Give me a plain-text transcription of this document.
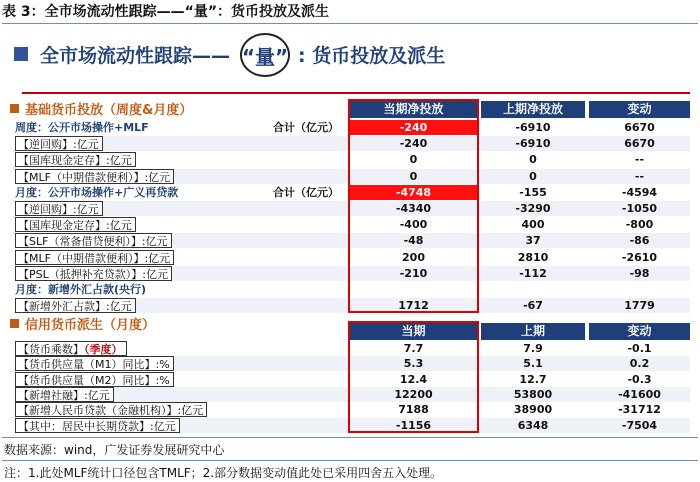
表 3：全市场流动性跟踪——“量”：货币投放及派生
全市场流动性跟踪—— “量” : 货币投放及派生
基础货币投放（周度&月度）	当期净投放	上期净投放	变动
周度：公开市场操作+MLF	合计（亿元）	-240	-6910	6670
【逆回购】:亿元	-240	-6910	6670
【国库现金定存】:亿元	0	0	--
【MLF（中期借款便利）】:亿元	0	0	--
月度：公开市场操作+广义再贷款	合计（亿元）	-4748	-155	-4594
【逆回购】:亿元	-4340	-3290	-1050
【国库现金定存】:亿元	-400	400	-800
【SLF（常备借贷便利）】:亿元	-48	37	-86
【MLF（中期借款便利）】:亿元	200	2810	-2610
【PSL（抵押补充贷款）】:亿元	-210	-112	-98
月度：新增外汇占款(央行)
【新增外汇占款】:亿元	1712	-67	1779
信用货币派生（月度）	当期	上期	变动
【货币乘数】（季度）	7.7	7.9	-0.1
【货币供应量（M1）同比】:%	5.3	5.1	0.2
【货币供应量（M2）同比】:%	12.4	12.7	-0.3
【新增社融】:亿元	12200	53800	-41600
【新增人民币贷款（金融机构）】:亿元	7188	38900	-31712
【其中：居民中长期贷款】:亿元	-1156	6348	-7504
数据来源：wind，广发证券发展研究中心
注：1.此处MLF统计口径包含TMLF；2.部分数据变动值此处已采用四舍五入处理。
